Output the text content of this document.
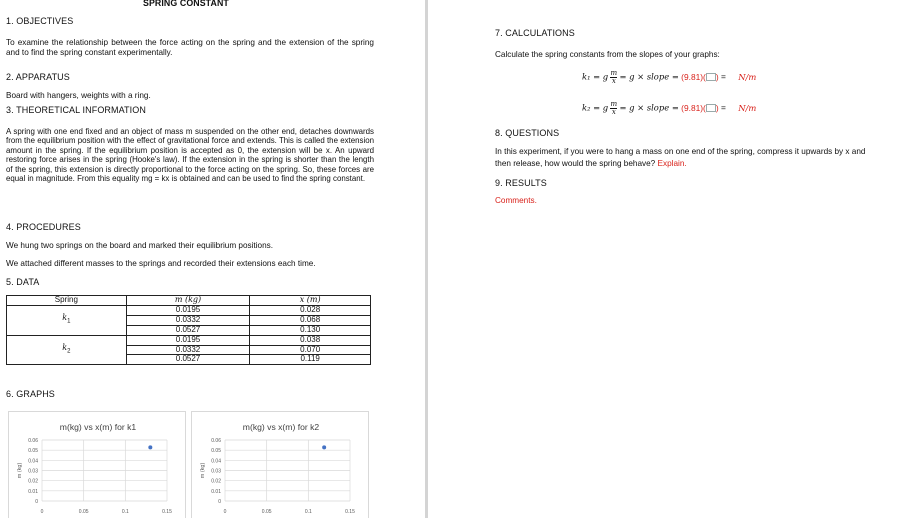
SPRING CONSTANT
1. OBJECTIVES
To examine the relationship between the force acting on the spring and the extension of the spring and to find the spring constant experimentally.
2. APPARATUS
Board with hangers, weights with a ring.
3. THEORETICAL INFORMATION
A spring with one end fixed and an object of mass m suspended on the other end, detaches downwards from the equilibrium position with the effect of gravitational force and extends. This is called the extension amount in the spring. If the equilibrium position is accepted as 0, the extension will be x. An upward restoring force arises in the spring (Hooke's law). If the extension in the spring is shorter than the length of the spring, this extension is directly proportional to the force acting on the spring. So, these forces are equal in magnitude. From this equality mg = kx is obtained and can be used to find the spring constant.
4. PROCEDURES
We hung two springs on the board and marked their equilibrium positions.
We attached different masses to the springs and recorded their extensions each time.
5. DATA
Spring	m (kg)	x (m)
$k_1$	0.0195	0.028
	0.0332	0.068
	0.0527	0.130
$k_2$	0.0195	0.038
	0.0332	0.070
	0.0527	0.119
6. GRAPHS
m(kg) vs x(m) for k1
0
0.01
0.02
0.03
0.04
0.05
0.06
0	0.05	0.1	0.15
m (kg)
m(kg) vs x(m) for k2
0
0.01
0.02
0.03
0.04
0.05
0.06
0	0.05	0.1	0.15
m (kg)
7. CALCULATIONS
Calculate the spring constants from the slopes of your graphs:
k₁ = g $\frac{m}{x} = g$ × slope = (9.81)( ) = N/m
k₂ = g $\frac{m}{x} = g$ × slope = (9.81)( ) = N/m
8. QUESTIONS
In this experiment, if you were to hang a mass on one end of the spring, compress it upwards by x and then release, how would the spring behave? Explain.
9. RESULTS
Comments.
